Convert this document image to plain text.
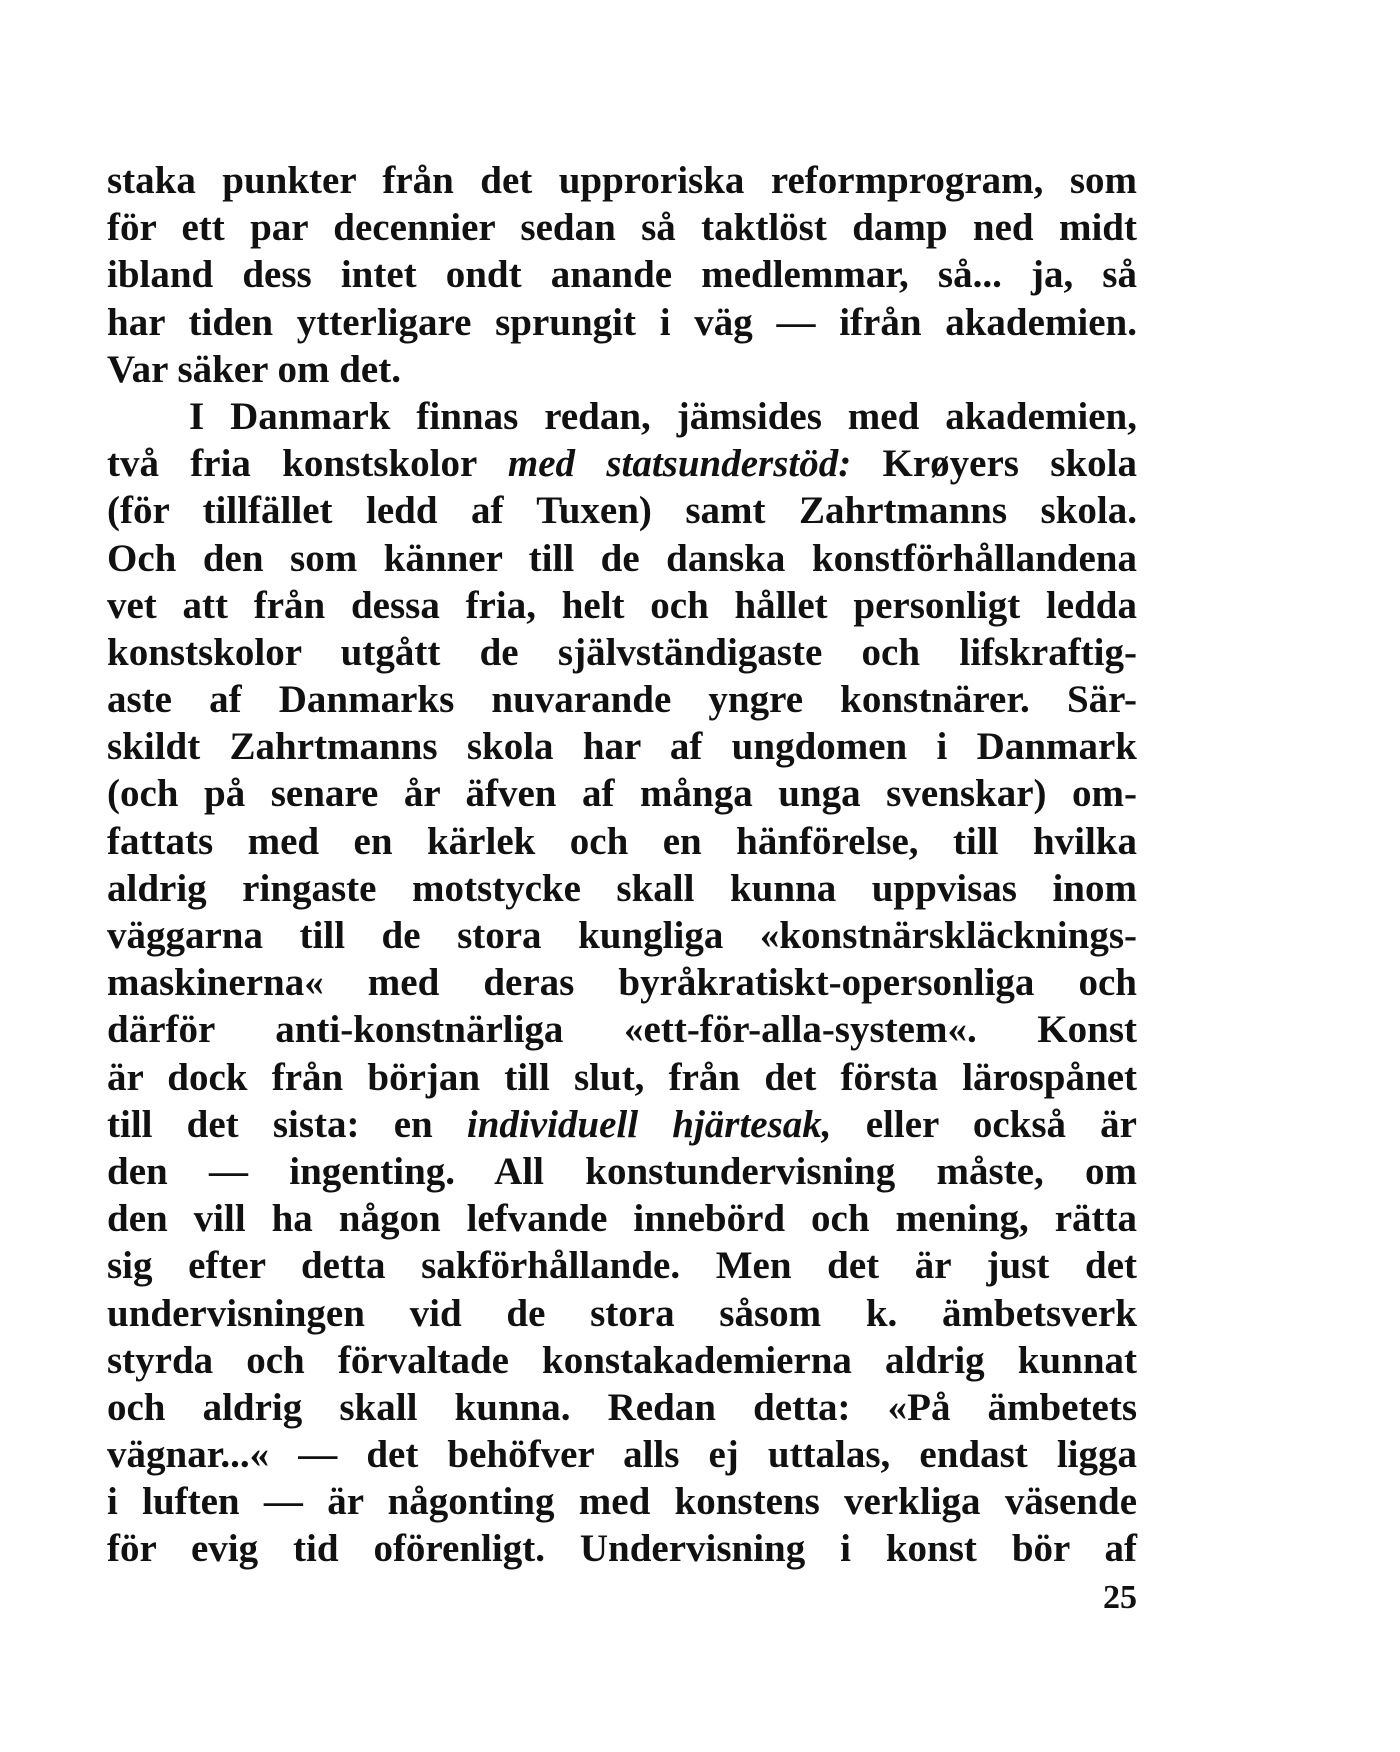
staka punkter från det upproriska reformprogram, som
för ett par decennier sedan så taktlöst damp ned midt
ibland dess intet ondt anande medlemmar, så... ja, så
har tiden ytterligare sprungit i väg — ifrån akademien.
Var säker om det.
I Danmark finnas redan, jämsides med akademien,
två fria konstskolor med statsunderstöd: Krøyers skola
(för tillfället ledd af Tuxen) samt Zahrtmanns skola.
Och den som känner till de danska konstförhållandena
vet att från dessa fria, helt och hållet personligt ledda
konstskolor utgått de självständigaste och lifskraftig-
aste af Danmarks nuvarande yngre konstnärer. Sär-
skildt Zahrtmanns skola har af ungdomen i Danmark
(och på senare år äfven af många unga svenskar) om-
fattats med en kärlek och en hänförelse, till hvilka
aldrig ringaste motstycke skall kunna uppvisas inom
väggarna till de stora kungliga «konstnärskläcknings-
maskinerna« med deras byråkratiskt-opersonliga och
därför anti-konstnärliga «ett-för-alla-system«. Konst
är dock från början till slut, från det första lärospånet
till det sista: en individuell hjärtesak, eller också är
den — ingenting. All konstundervisning måste, om
den vill ha någon lefvande innebörd och mening, rätta
sig efter detta sakförhållande. Men det är just det
undervisningen vid de stora såsom k. ämbetsverk
styrda och förvaltade konstakademierna aldrig kunnat
och aldrig skall kunna. Redan detta: «På ämbetets
vägnar...« — det behöfver alls ej uttalas, endast ligga
i luften — är någonting med konstens verkliga väsende
för evig tid oförenligt. Undervisning i konst bör af
25
